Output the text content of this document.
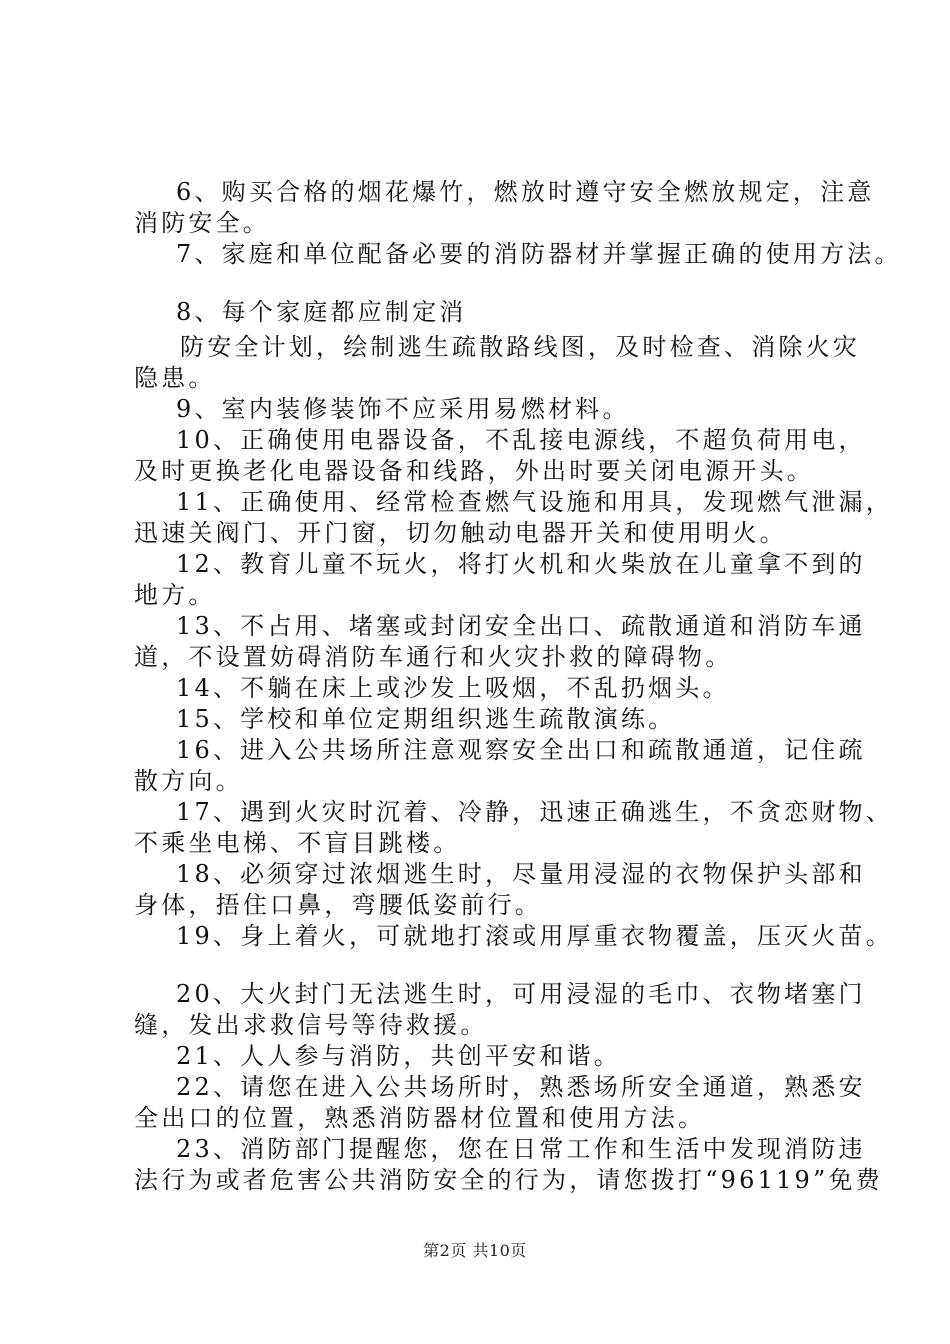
6、购买合格的烟花爆竹，燃放时遵守安全燃放规定，注意
消防安全。
7、家庭和单位配备必要的消防器材并掌握正确的使用方法。
8、每个家庭都应制定消
防安全计划，绘制逃生疏散路线图，及时检查、消除火灾
隐患。
9、室内装修装饰不应采用易燃材料。
10、正确使用电器设备，不乱接电源线，不超负荷用电，
及时更换老化电器设备和线路，外出时要关闭电源开头。
11、正确使用、经常检查燃气设施和用具，发现燃气泄漏，
迅速关阀门、开门窗，切勿触动电器开关和使用明火。
12、教育儿童不玩火，将打火机和火柴放在儿童拿不到的
地方。
13、不占用、堵塞或封闭安全出口、疏散通道和消防车通
道，不设置妨碍消防车通行和火灾扑救的障碍物。
14、不躺在床上或沙发上吸烟，不乱扔烟头。
15、学校和单位定期组织逃生疏散演练。
16、进入公共场所注意观察安全出口和疏散通道，记住疏
散方向。
17、遇到火灾时沉着、冷静，迅速正确逃生，不贪恋财物、
不乘坐电梯、不盲目跳楼。
18、必须穿过浓烟逃生时，尽量用浸湿的衣物保护头部和
身体，捂住口鼻，弯腰低姿前行。
19、身上着火，可就地打滚或用厚重衣物覆盖，压灭火苗。
20、大火封门无法逃生时，可用浸湿的毛巾、衣物堵塞门
缝，发出求救信号等待救援。
21、人人参与消防，共创平安和谐。
22、请您在进入公共场所时，熟悉场所安全通道，熟悉安
全出口的位置，熟悉消防器材位置和使用方法。
23、消防部门提醒您，您在日常工作和生活中发现消防违
法行为或者危害公共消防安全的行为，请您拨打“96119”免费
第2页 共10页
